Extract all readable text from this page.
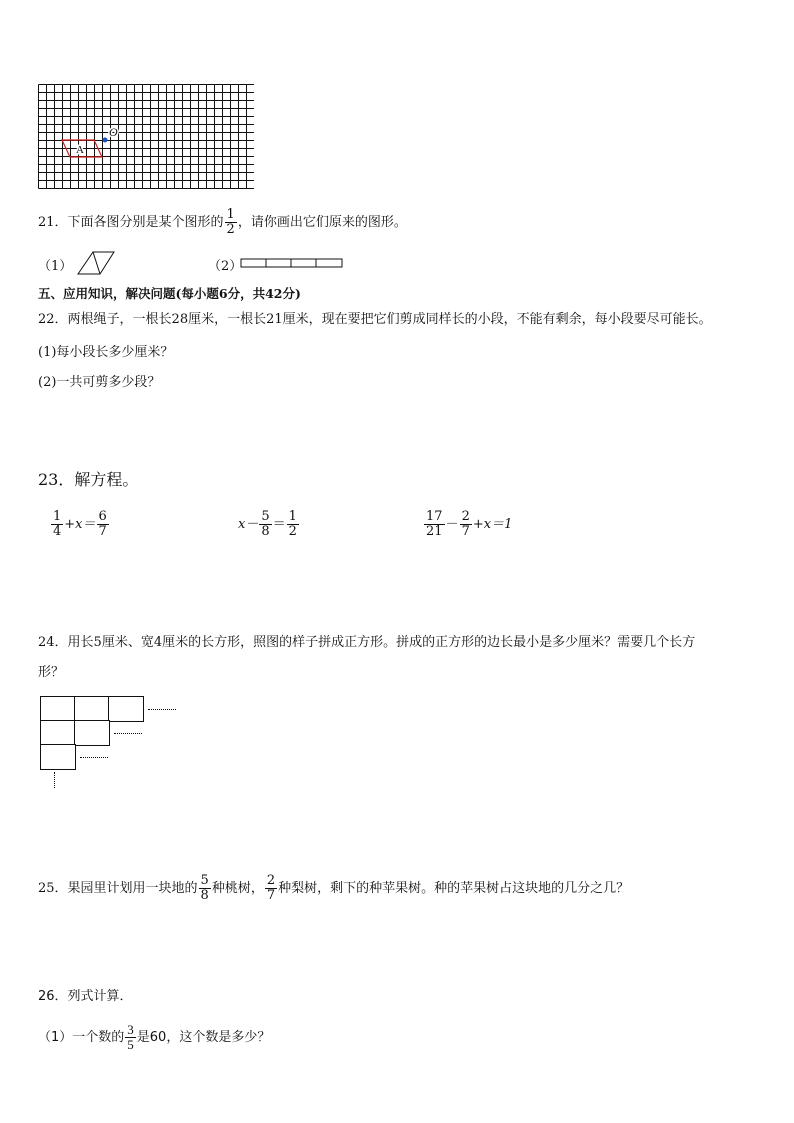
O
A
21．下面各图分别是某个图形的 $\frac{1}{2}$ ，请你画出它们原来的图形。
（1）	（2）
五、应用知识，解决问题(每小题6分，共42分)
22．两根绳子，一根长28厘米，一根长21厘米，现在要把它们剪成同样长的小段，不能有剩余，每小段要尽可能长。
(1)每小段长多少厘米？
(2)一共可剪多少段？
23．解方程。
$\frac{1}{4} +x= \frac{6}{7}$	$x- \frac{5}{8} = \frac{1}{2}$	$\frac{17}{21} - \frac{2}{7} +x=1$
24．用长5厘米、宽4厘米的长方形，照图的样子拼成正方形。拼成的正方形的边长最小是多少厘米？需要几个长方
形？
25．果园里计划用一块地的 $\frac{5}{8}$ 种桃树， $\frac{2}{7}$ 种梨树，剩下的种苹果树。种的苹果树占这块地的几分之几？
26．列式计算．
（1）一个数的 $\frac{3}{5}$ 是60，这个数是多少？
